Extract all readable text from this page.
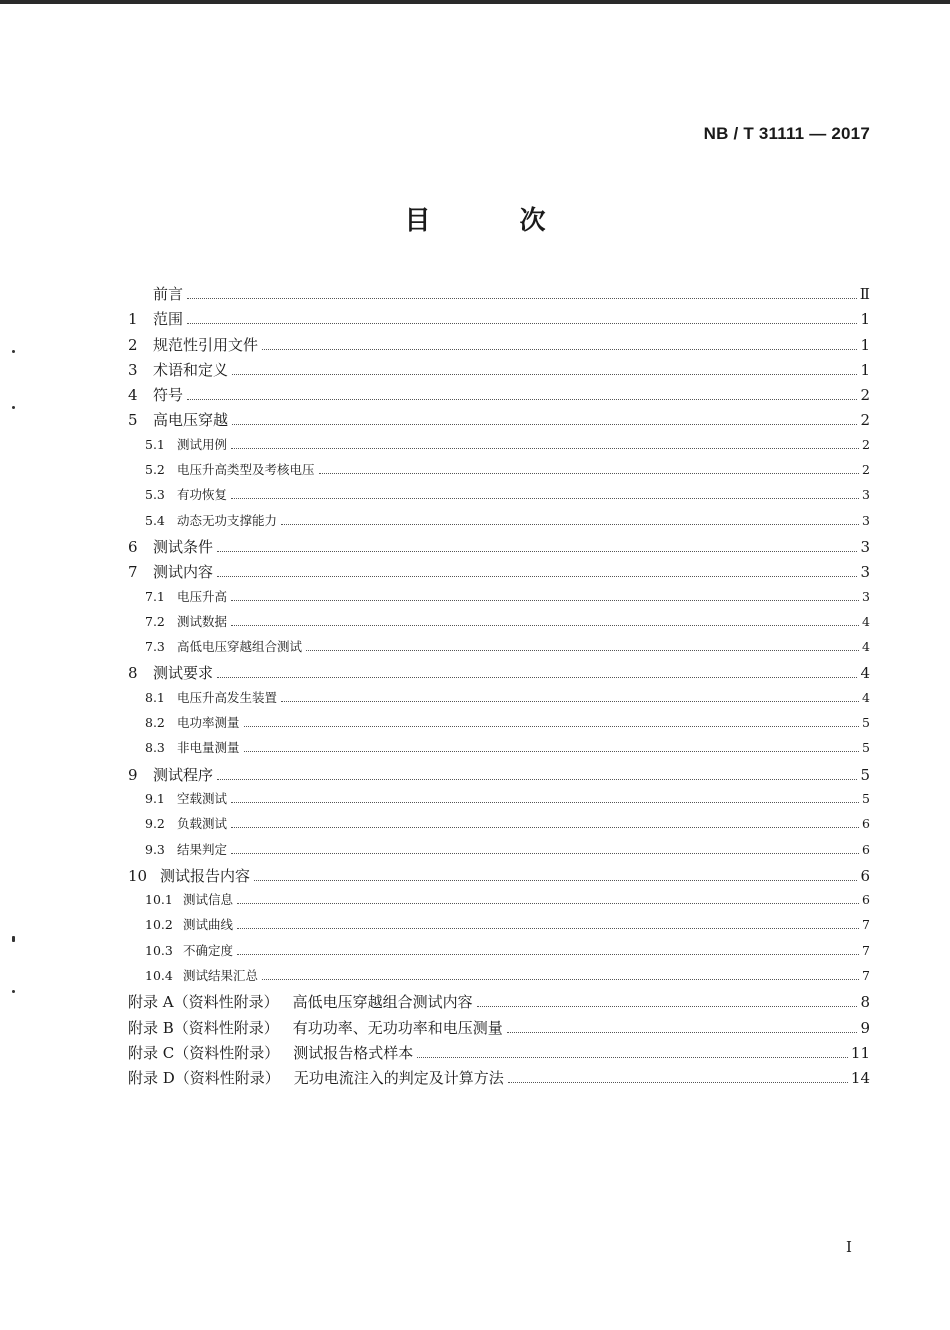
NB / T 31111 — 2017
目 次
前言	Ⅱ
1	范围	1
2	规范性引用文件	1
3	术语和定义	1
4	符号	2
5	高电压穿越	2
5.1 测试用例	2
5.2 电压升高类型及考核电压	2
5.3 有功恢复	3
5.4 动态无功支撑能力	3
6	测试条件	3
7	测试内容	3
7.1 电压升高	3
7.2 测试数据	4
7.3 高低电压穿越组合测试	4
8	测试要求	4
8.1 电压升高发生装置	4
8.2 电功率测量	5
8.3 非电量测量	5
9	测试程序	5
9.1 空载测试	5
9.2 负载测试	6
9.3 结果判定	6
10 测试报告内容	6
10.1 测试信息	6
10.2 测试曲线	7
10.3 不确定度	7
10.4 测试结果汇总	7
附录 A（资料性附录） 高低电压穿越组合测试内容	8
附录 B（资料性附录） 有功功率、无功功率和电压测量	9
附录 C（资料性附录） 测试报告格式样本	11
附录 D（资料性附录） 无功电流注入的判定及计算方法	14
I
